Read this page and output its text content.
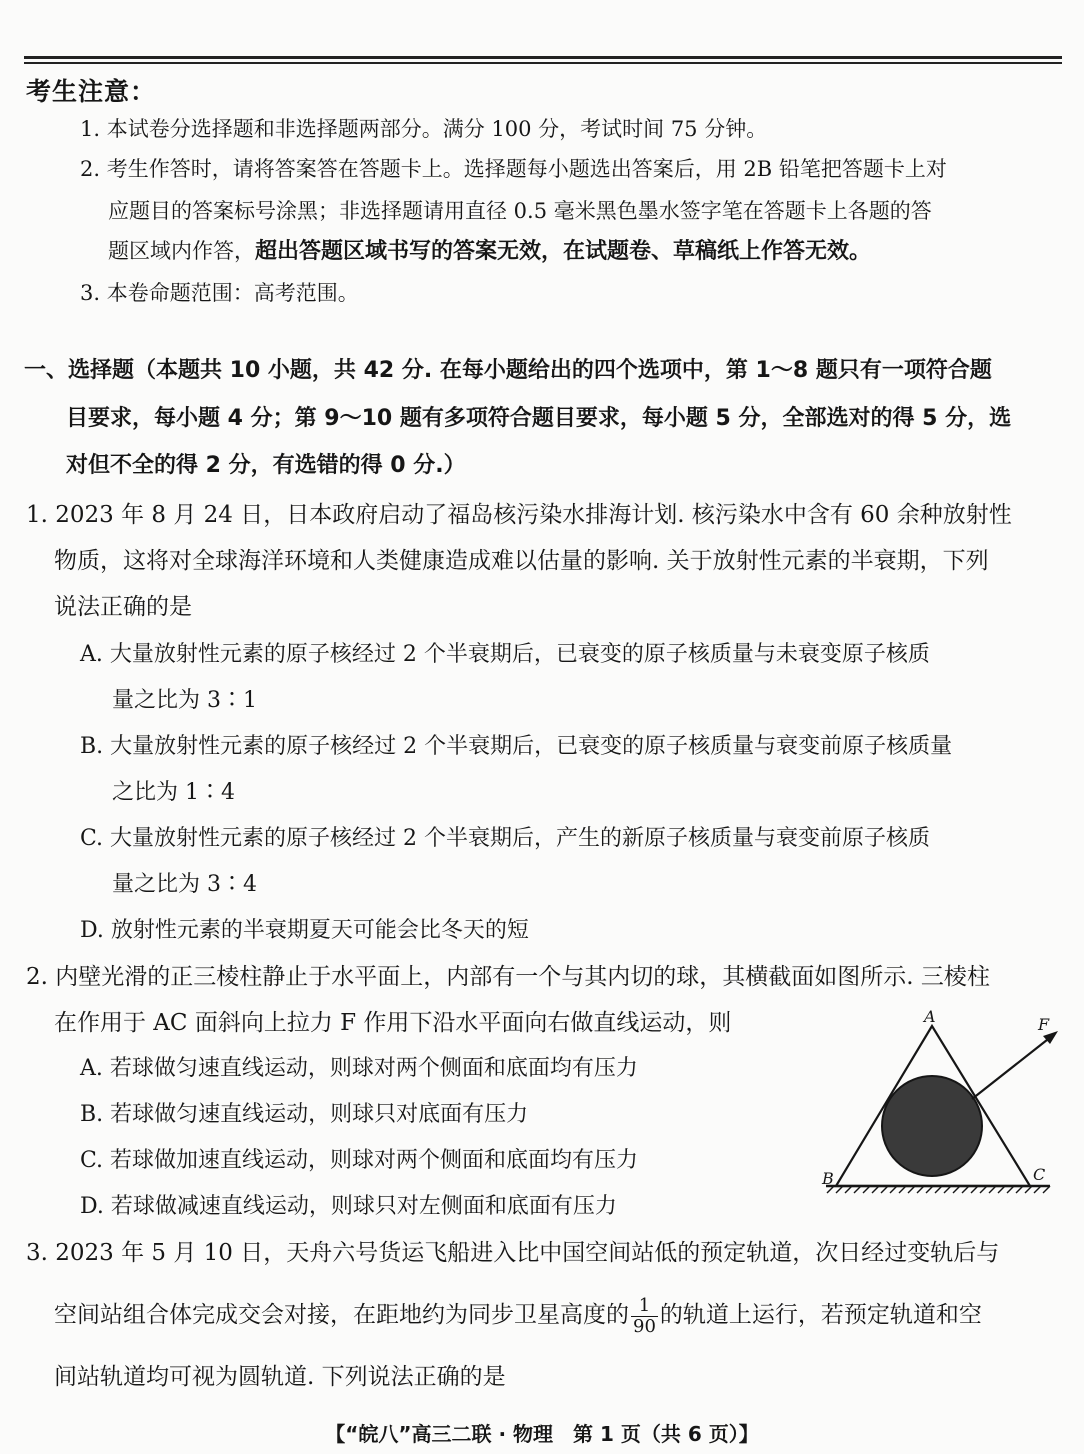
考生注意：
1. 本试卷分选择题和非选择题两部分。满分 100 分，考试时间 75 分钟。
2. 考生作答时，请将答案答在答题卡上。选择题每小题选出答案后，用 2B 铅笔把答题卡上对
应题目的答案标号涂黑；非选择题请用直径 0.5 毫米黑色墨水签字笔在答题卡上各题的答
题区域内作答，超出答题区域书写的答案无效，在试题卷、草稿纸上作答无效。
3. 本卷命题范围：高考范围。
一、选择题（本题共 10 小题，共 42 分. 在每小题给出的四个选项中，第 1～8 题只有一项符合题
目要求，每小题 4 分；第 9～10 题有多项符合题目要求，每小题 5 分，全部选对的得 5 分，选
对但不全的得 2 分，有选错的得 0 分.）
1. 2023 年 8 月 24 日，日本政府启动了福岛核污染水排海计划. 核污染水中含有 60 余种放射性
物质，这将对全球海洋环境和人类健康造成难以估量的影响. 关于放射性元素的半衰期，下列
说法正确的是
A. 大量放射性元素的原子核经过 2 个半衰期后，已衰变的原子核质量与未衰变原子核质
量之比为 3∶1
B. 大量放射性元素的原子核经过 2 个半衰期后，已衰变的原子核质量与衰变前原子核质量
之比为 1∶4
C. 大量放射性元素的原子核经过 2 个半衰期后，产生的新原子核质量与衰变前原子核质
量之比为 3∶4
D. 放射性元素的半衰期夏天可能会比冬天的短
2. 内壁光滑的正三棱柱静止于水平面上，内部有一个与其内切的球，其横截面如图所示. 三棱柱
在作用于 AC 面斜向上拉力 F 作用下沿水平面向右做直线运动，则
A. 若球做匀速直线运动，则球对两个侧面和底面均有压力
B. 若球做匀速直线运动，则球只对底面有压力
C. 若球做加速直线运动，则球对两个侧面和底面均有压力
D. 若球做减速直线运动，则球只对左侧面和底面有压力
A
B	C
F
3. 2023 年 5 月 10 日，天舟六号货运飞船进入比中国空间站低的预定轨道，次日经过变轨后与
空间站组合体完成交会对接，在距地约为同步卫星高度的 $\frac{1}{90}$ 的轨道上运行，若预定轨道和空
间站轨道均可视为圆轨道. 下列说法正确的是
【“皖八”高三二联 · 物理　第 1 页（共 6 页）】
